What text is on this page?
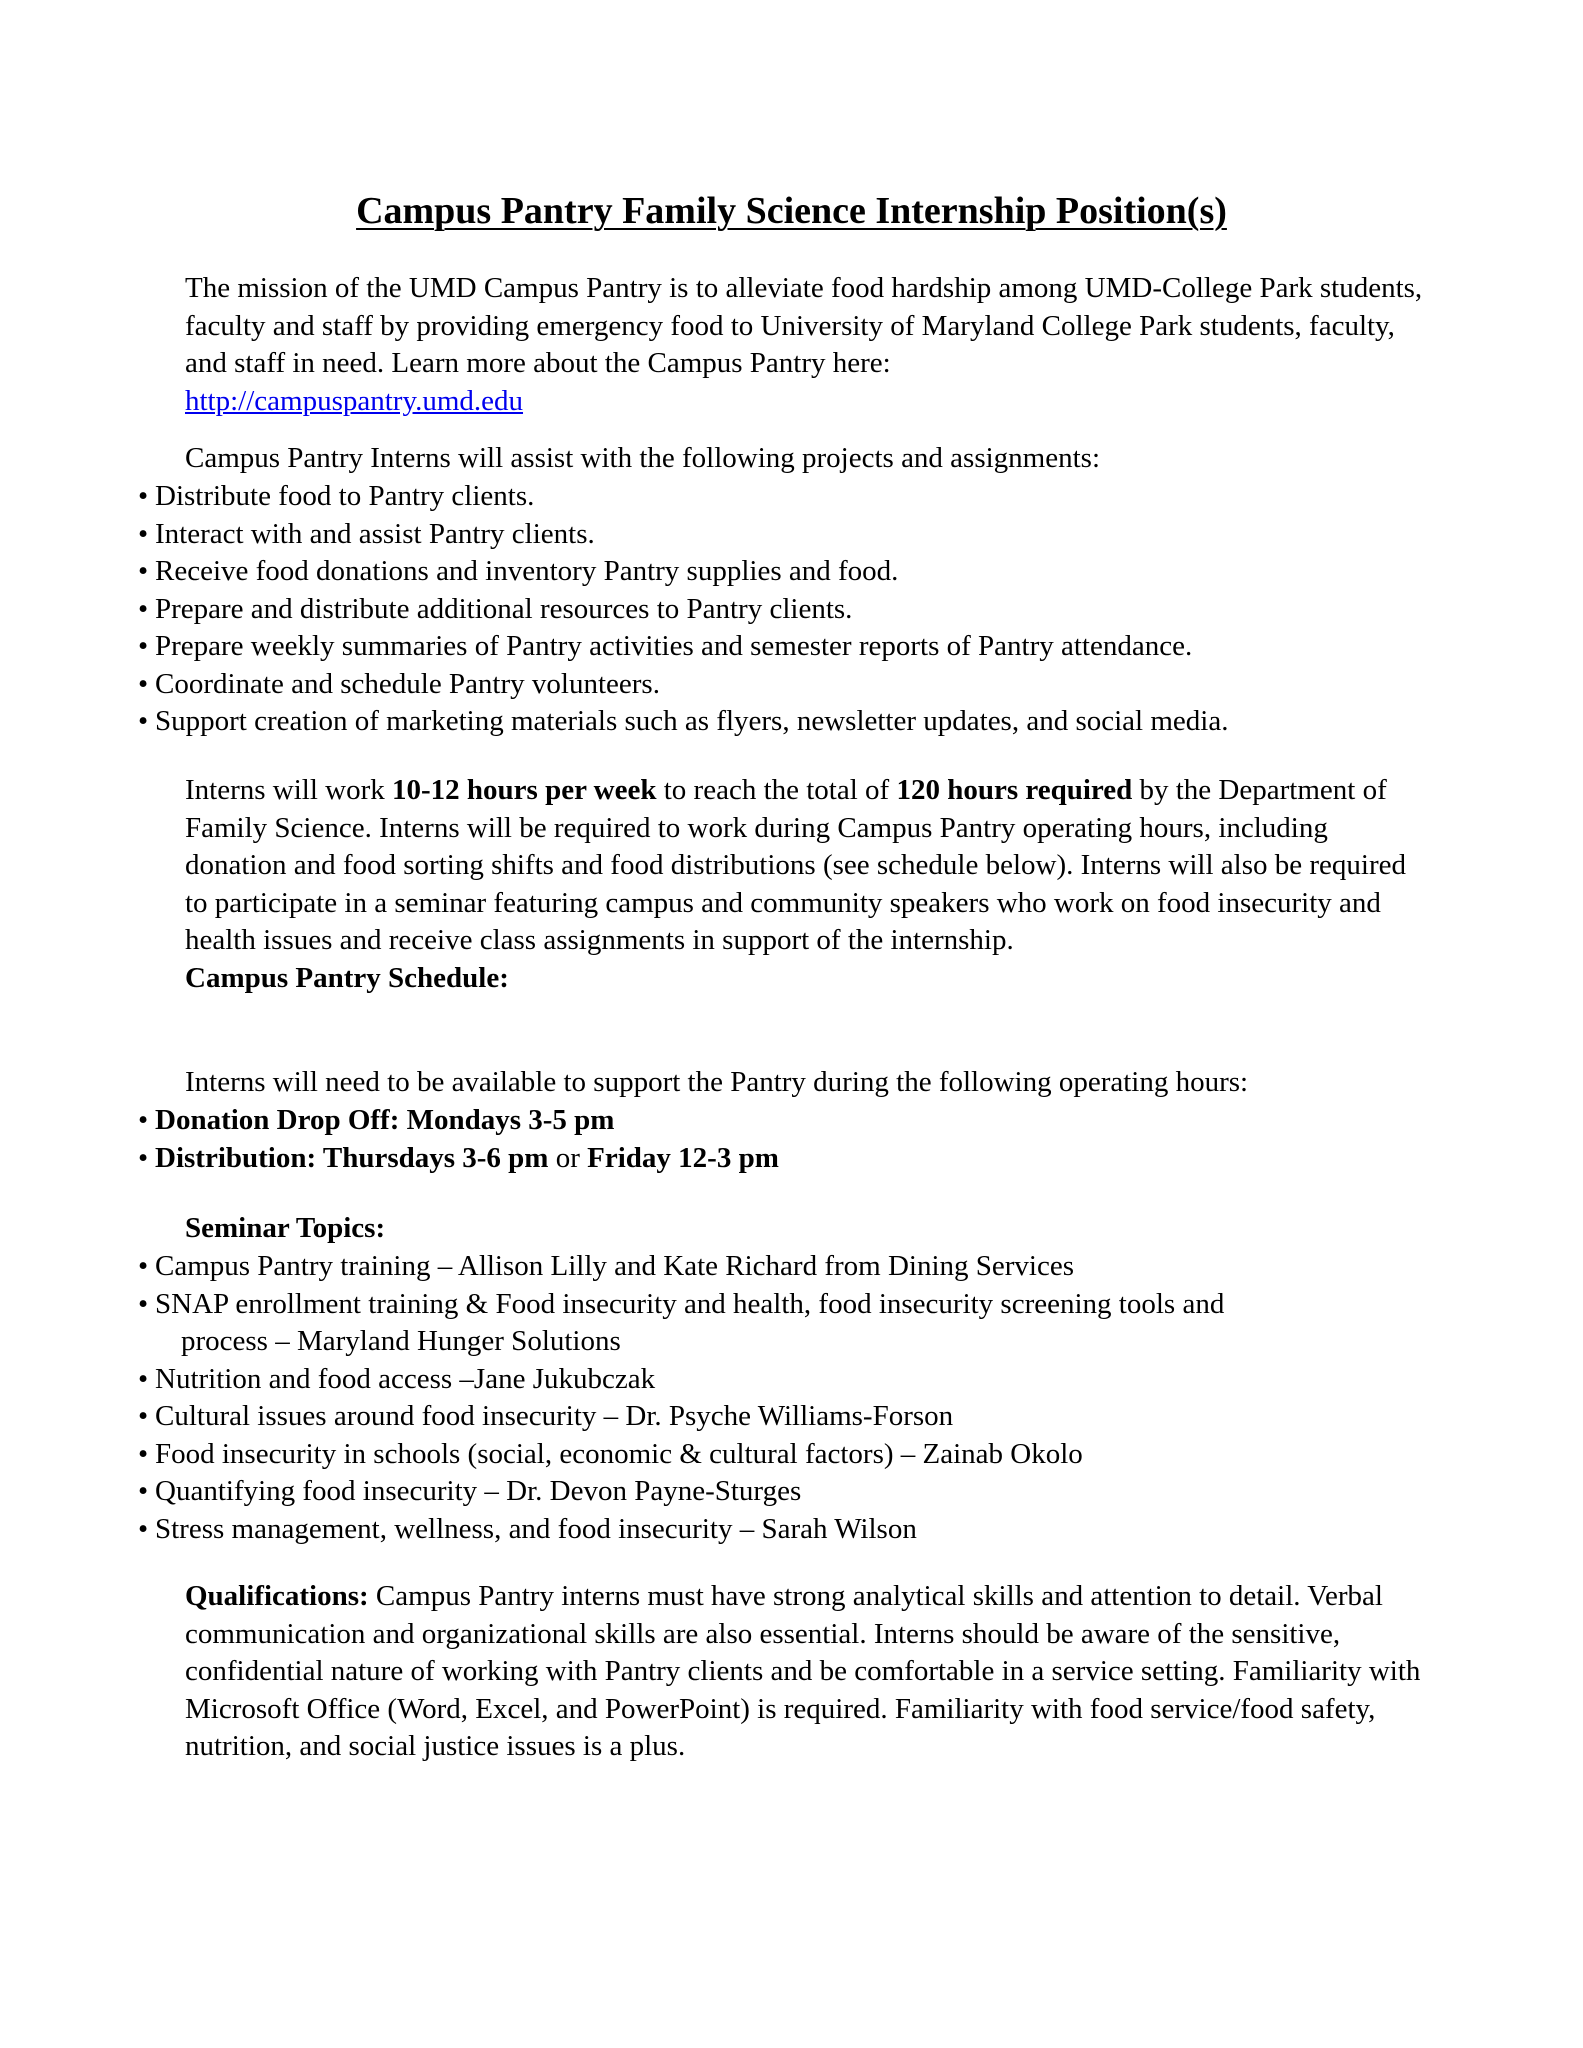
Campus Pantry Family Science Internship Position(s)

The mission of the UMD Campus Pantry is to alleviate food hardship among UMD-College Park students, faculty and staff by providing emergency food to University of Maryland College Park students, faculty, and staff in need. Learn more about the Campus Pantry here:
http://campuspantry.umd.edu

Campus Pantry Interns will assist with the following projects and assignments:

• Distribute food to Pantry clients.
• Interact with and assist Pantry clients.
• Receive food donations and inventory Pantry supplies and food.
• Prepare and distribute additional resources to Pantry clients.
• Prepare weekly summaries of Pantry activities and semester reports of Pantry attendance.
• Coordinate and schedule Pantry volunteers.
• Support creation of marketing materials such as flyers, newsletter updates, and social media.

Interns will work 10-12 hours per week to reach the total of 120 hours required by the Department of Family Science. Interns will be required to work during Campus Pantry operating hours, including donation and food sorting shifts and food distributions (see schedule below). Interns will also be required to participate in a seminar featuring campus and community speakers who work on food insecurity and health issues and receive class assignments in support of the internship.
Campus Pantry Schedule:

Interns will need to be available to support the Pantry during the following operating hours:

• Donation Drop Off: Mondays 3-5 pm
• Distribution: Thursdays 3-6 pm or Friday 12-3 pm

Seminar Topics:

• Campus Pantry training – Allison Lilly and Kate Richard from Dining Services
• SNAP enrollment training & Food insecurity and health, food insecurity screening tools and
process – Maryland Hunger Solutions
• Nutrition and food access –Jane Jukubczak
• Cultural issues around food insecurity – Dr. Psyche Williams-Forson
• Food insecurity in schools (social, economic & cultural factors) – Zainab Okolo
• Quantifying food insecurity – Dr. Devon Payne-Sturges
• Stress management, wellness, and food insecurity – Sarah Wilson

Qualifications: Campus Pantry interns must have strong analytical skills and attention to detail. Verbal communication and organizational skills are also essential. Interns should be aware of the sensitive, confidential nature of working with Pantry clients and be comfortable in a service setting. Familiarity with Microsoft Office (Word, Excel, and PowerPoint) is required. Familiarity with food service/food safety, nutrition, and social justice issues is a plus.
